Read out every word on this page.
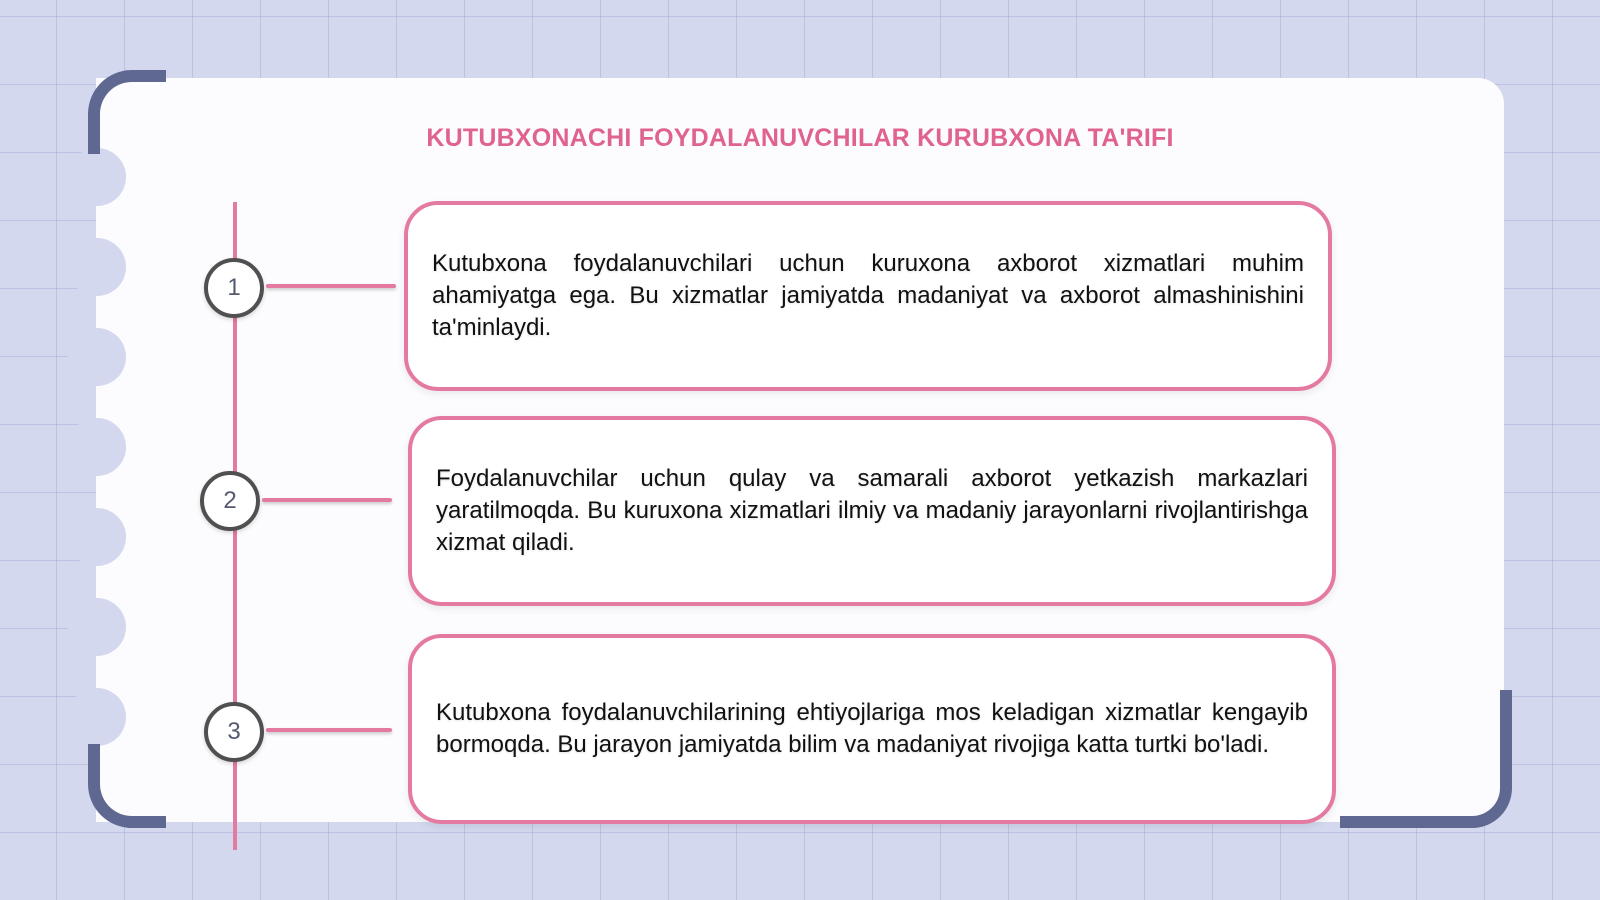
KUTUBXONACHI FOYDALANUVCHILAR KURUBXONA TA'RIFI
1

Kutubxona foydalanuvchilari uchun kuruxona axborot xizmatlari muhim ahamiyatga ega. Bu xizmatlar jamiyatda madaniyat va axborot almashinishini ta'minlaydi.

2

Foydalanuvchilar uchun qulay va samarali axborot yetkazish markazlari yaratilmoqda. Bu kuruxona xizmatlari ilmiy va madaniy jarayonlarni rivojlantirishga xizmat qiladi.

3

Kutubxona foydalanuvchilarining ehtiyojlariga mos keladigan xizmatlar kengayib bormoqda. Bu jarayon jamiyatda bilim va madaniyat rivojiga katta turtki bo'ladi.
